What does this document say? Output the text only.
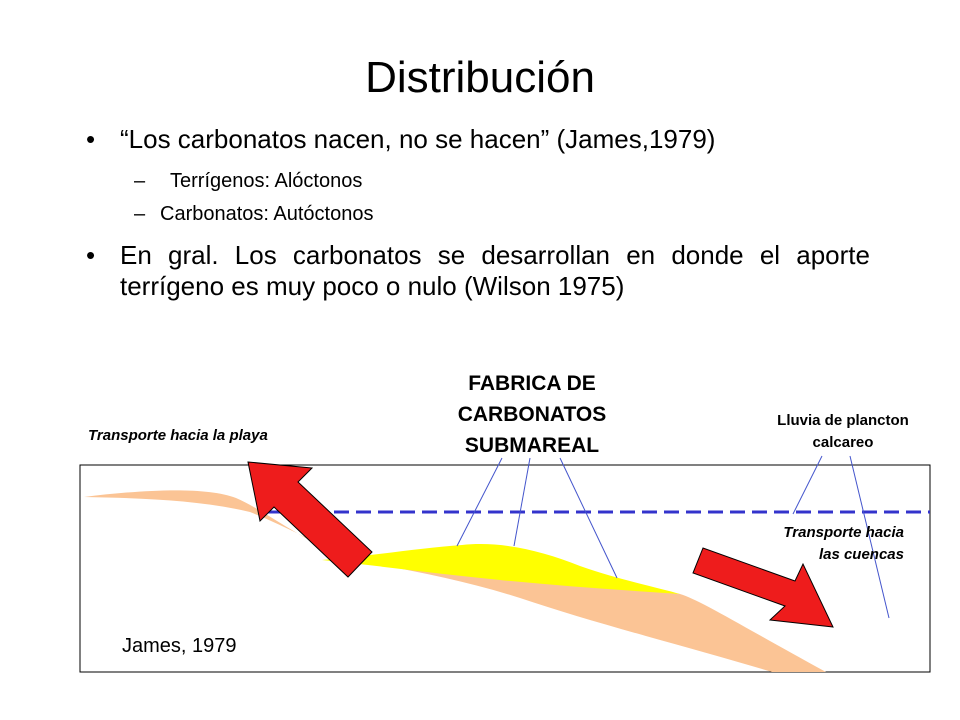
Distribución
• “Los carbonatos nacen, no se hacen” (James,1979)
– Terrígenos: Alóctonos
– Carbonatos: Autóctonos
• En gral. Los carbonatos se desarrollan en donde el aporte terrígeno es muy poco o nulo (Wilson 1975)
FABRICA DE
CARBONATOS
SUBMAREAL
Transporte hacia la playa
Lluvia de plancton
calcareo
Transporte hacia
las cuencas
James, 1979
